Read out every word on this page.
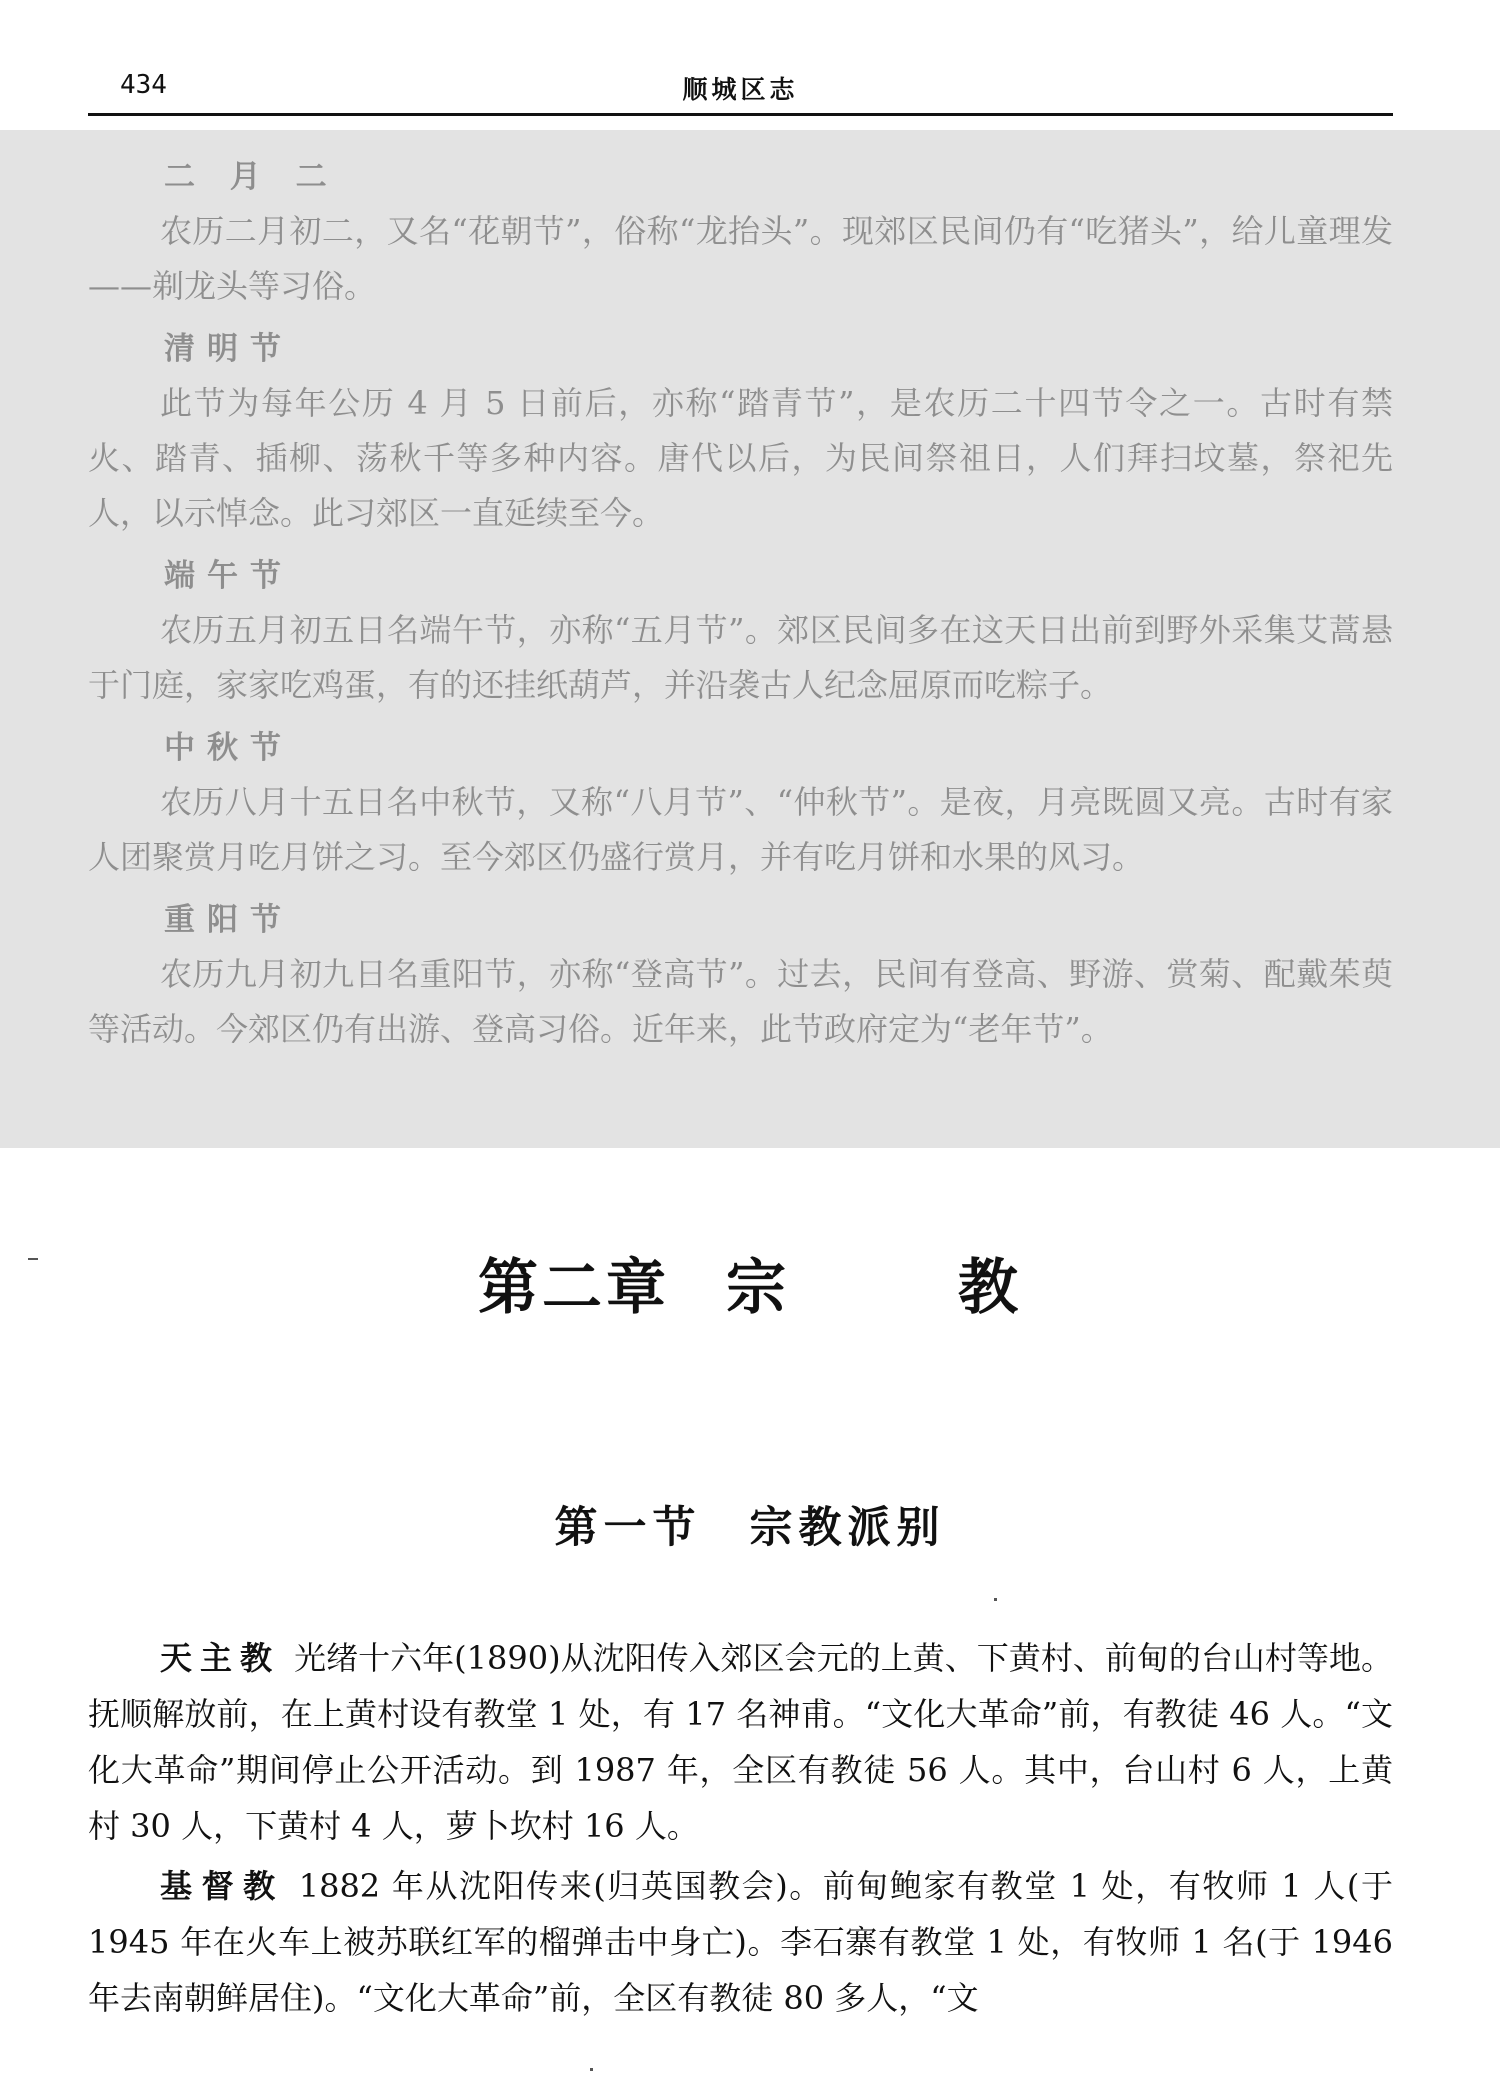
434	顺城区志
二 月 二

农历二月初二，又名“花朝节”，俗称“龙抬头”。现郊区民间仍有“吃猪头”，给儿童理发——剃龙头等习俗。

清明节

此节为每年公历 4 月 5 日前后，亦称“踏青节”，是农历二十四节令之一。古时有禁火、踏青、插柳、荡秋千等多种内容。唐代以后，为民间祭祖日，人们拜扫坟墓，祭祀先人，以示悼念。此习郊区一直延续至今。

端午节

农历五月初五日名端午节，亦称“五月节”。郊区民间多在这天日出前到野外采集艾蒿悬于门庭，家家吃鸡蛋，有的还挂纸葫芦，并沿袭古人纪念屈原而吃粽子。

中秋节

农历八月十五日名中秋节，又称“八月节”、“仲秋节”。是夜，月亮既圆又亮。古时有家人团聚赏月吃月饼之习。至今郊区仍盛行赏月，并有吃月饼和水果的风习。

重阳节

农历九月初九日名重阳节，亦称“登高节”。过去，民间有登高、野游、赏菊、配戴茱萸等活动。今郊区仍有出游、登高习俗。近年来，此节政府定为“老年节”。

第二章 宗	教
第一节 宗教派别

天主教 光绪十六年(1890)从沈阳传入郊区会元的上黄、下黄村、前甸的台山村等地。抚顺解放前，在上黄村设有教堂 1 处，有 17 名神甫。“文化大革命”前，有教徒 46 人。“文化大革命”期间停止公开活动。到 1987 年，全区有教徒 56 人。其中，台山村 6 人，上黄村 30 人，下黄村 4 人，萝卜坎村 16 人。

基督教 1882 年从沈阳传来(归英国教会)。前甸鲍家有教堂 1 处，有牧师 1 人(于 1945 年在火车上被苏联红军的榴弹击中身亡)。李石寨有教堂 1 处，有牧师 1 名(于 1946 年去南朝鲜居住)。“文化大革命”前，全区有教徒 80 多人，“文
